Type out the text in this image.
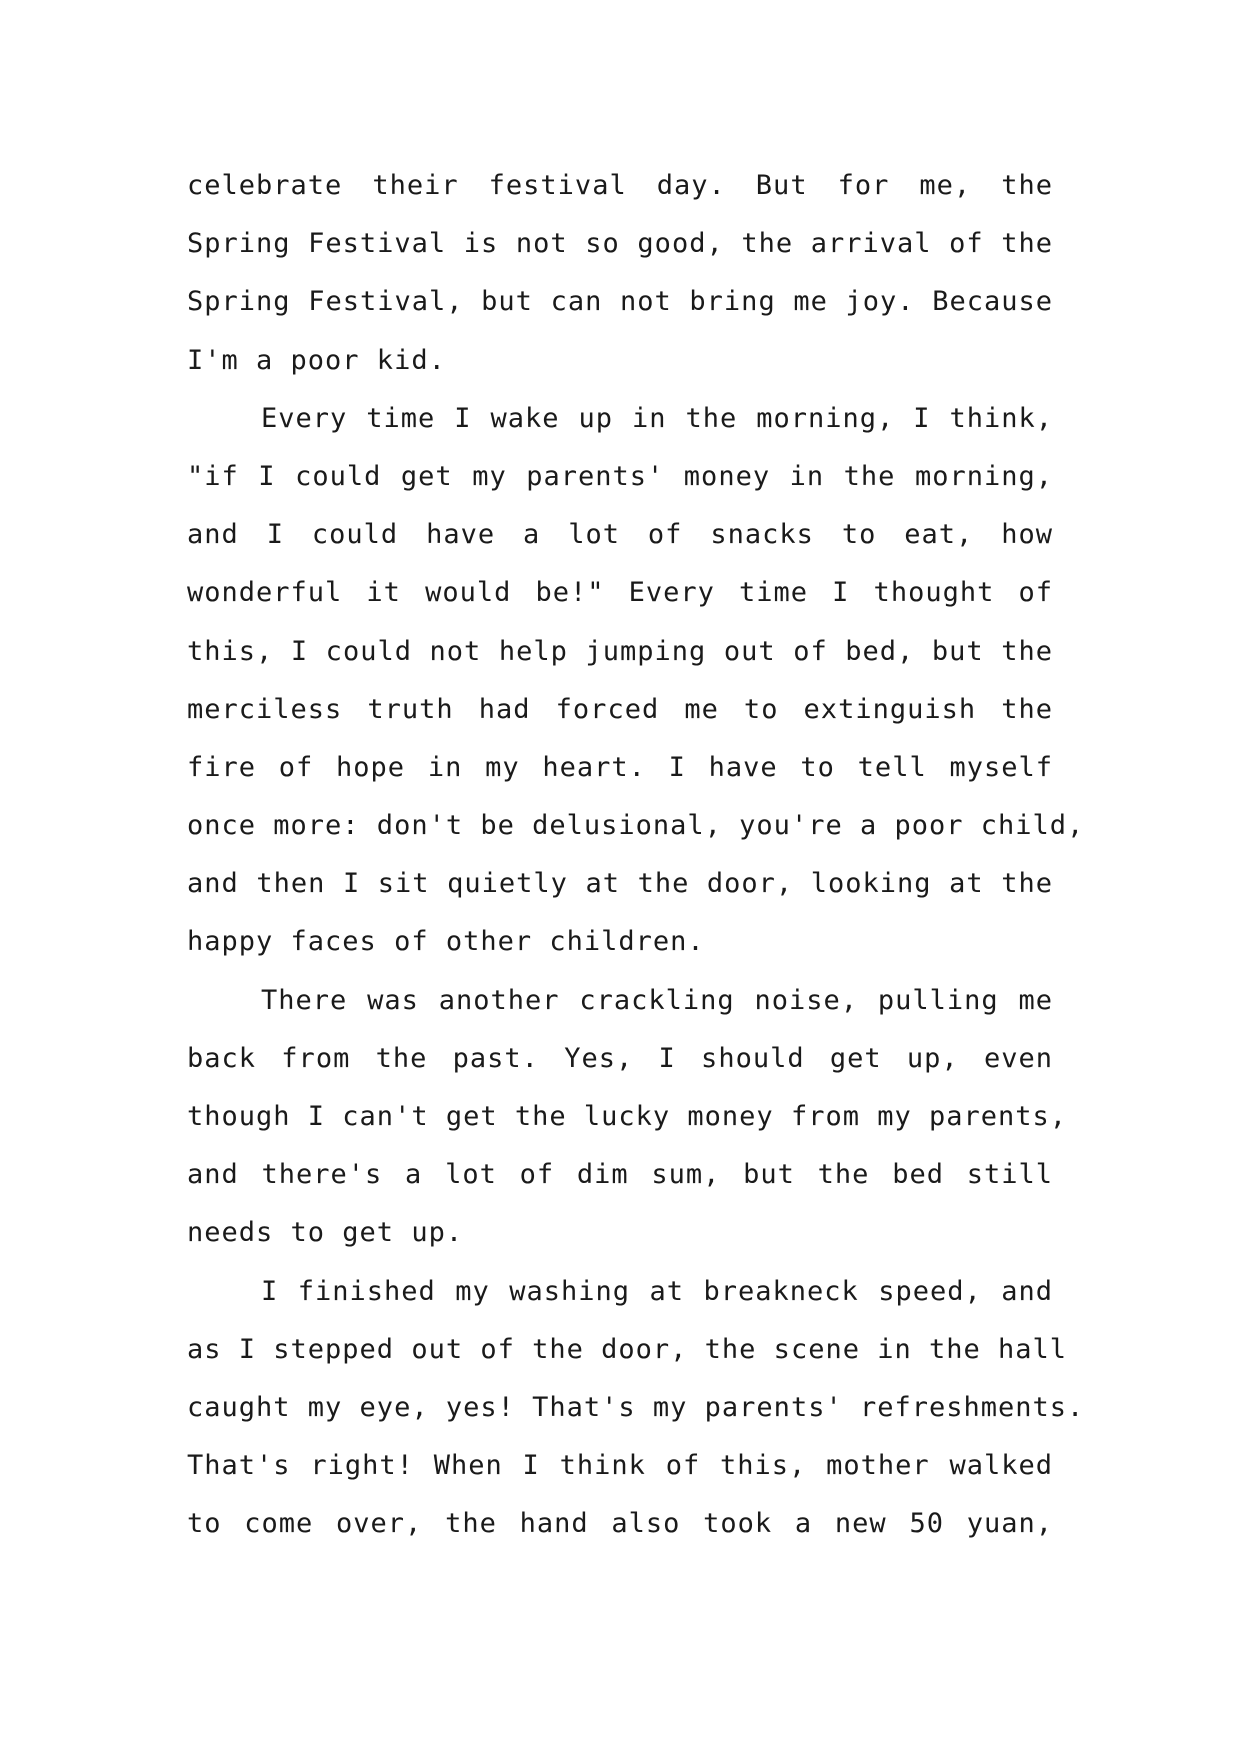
celebrate their festival day. But for me, the
Spring Festival is not so good, the arrival of the
Spring Festival, but can not bring me joy. Because
I'm a poor kid.
Every time I wake up in the morning, I think,
"if I could get my parents' money in the morning,
and I could have a lot of snacks to eat, how
wonderful it would be!" Every time I thought of
this, I could not help jumping out of bed, but the
merciless truth had forced me to extinguish the
fire of hope in my heart. I have to tell myself
once more: don't be delusional, you're a poor child,
and then I sit quietly at the door, looking at the
happy faces of other children.
There was another crackling noise, pulling me
back from the past. Yes, I should get up, even
though I can't get the lucky money from my parents,
and there's a lot of dim sum, but the bed still
needs to get up.
I finished my washing at breakneck speed, and
as I stepped out of the door, the scene in the hall
caught my eye, yes! That's my parents' refreshments.
That's right! When I think of this, mother walked
to come over, the hand also took a new 50 yuan,
